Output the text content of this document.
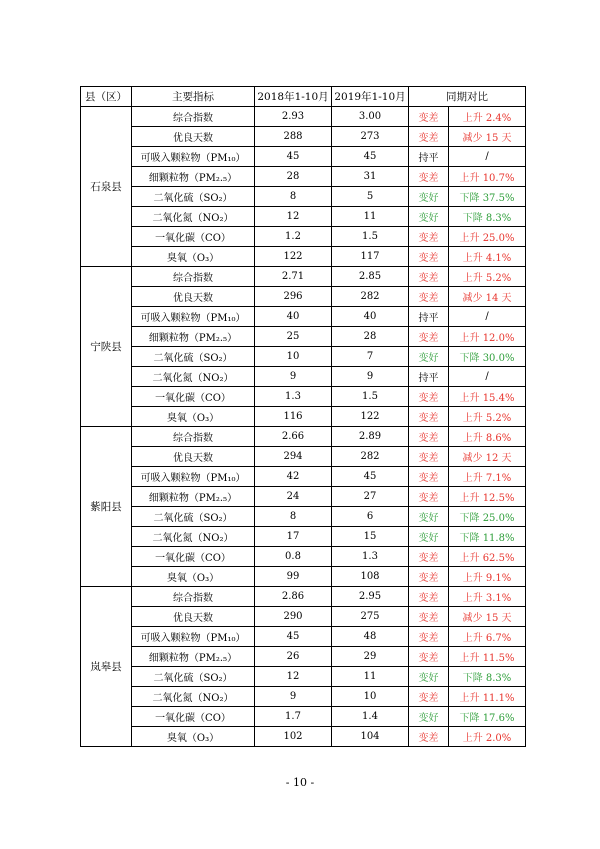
县（区）	主要指标	2018年1-10月	2019年1-10月	同期对比	
石泉县	综合指数	2.93	3.00	变差	上升 2.4%
	优良天数	288	273	变差	减少 15 天
	可吸入颗粒物（PM₁₀）	45	45	持平	/
	细颗粒物（PM₂.₅）	28	31	变差	上升 10.7%
	二氧化硫（SO₂）	8	5	变好	下降 37.5%
	二氧化氮（NO₂）	12	11	变好	下降 8.3%
	一氧化碳（CO）	1.2	1.5	变差	上升 25.0%
	臭氧（O₃）	122	117	变差	上升 4.1%
宁陕县	综合指数	2.71	2.85	变差	上升 5.2%
	优良天数	296	282	变差	减少 14 天
	可吸入颗粒物（PM₁₀）	40	40	持平	/
	细颗粒物（PM₂.₅）	25	28	变差	上升 12.0%
	二氧化硫（SO₂）	10	7	变好	下降 30.0%
	二氧化氮（NO₂）	9	9	持平	/
	一氧化碳（CO）	1.3	1.5	变差	上升 15.4%
	臭氧（O₃）	116	122	变差	上升 5.2%
紫阳县	综合指数	2.66	2.89	变差	上升 8.6%
	优良天数	294	282	变差	减少 12 天
	可吸入颗粒物（PM₁₀）	42	45	变差	上升 7.1%
	细颗粒物（PM₂.₅）	24	27	变差	上升 12.5%
	二氧化硫（SO₂）	8	6	变好	下降 25.0%
	二氧化氮（NO₂）	17	15	变好	下降 11.8%
	一氧化碳（CO）	0.8	1.3	变差	上升 62.5%
	臭氧（O₃）	99	108	变差	上升 9.1%
岚皋县	综合指数	2.86	2.95	变差	上升 3.1%
	优良天数	290	275	变差	减少 15 天
	可吸入颗粒物（PM₁₀）	45	48	变差	上升 6.7%
	细颗粒物（PM₂.₅）	26	29	变差	上升 11.5%
	二氧化硫（SO₂）	12	11	变好	下降 8.3%
	二氧化氮（NO₂）	9	10	变差	上升 11.1%
	一氧化碳（CO）	1.7	1.4	变好	下降 17.6%
	臭氧（O₃）	102	104	变差	上升 2.0%
- 10 -
